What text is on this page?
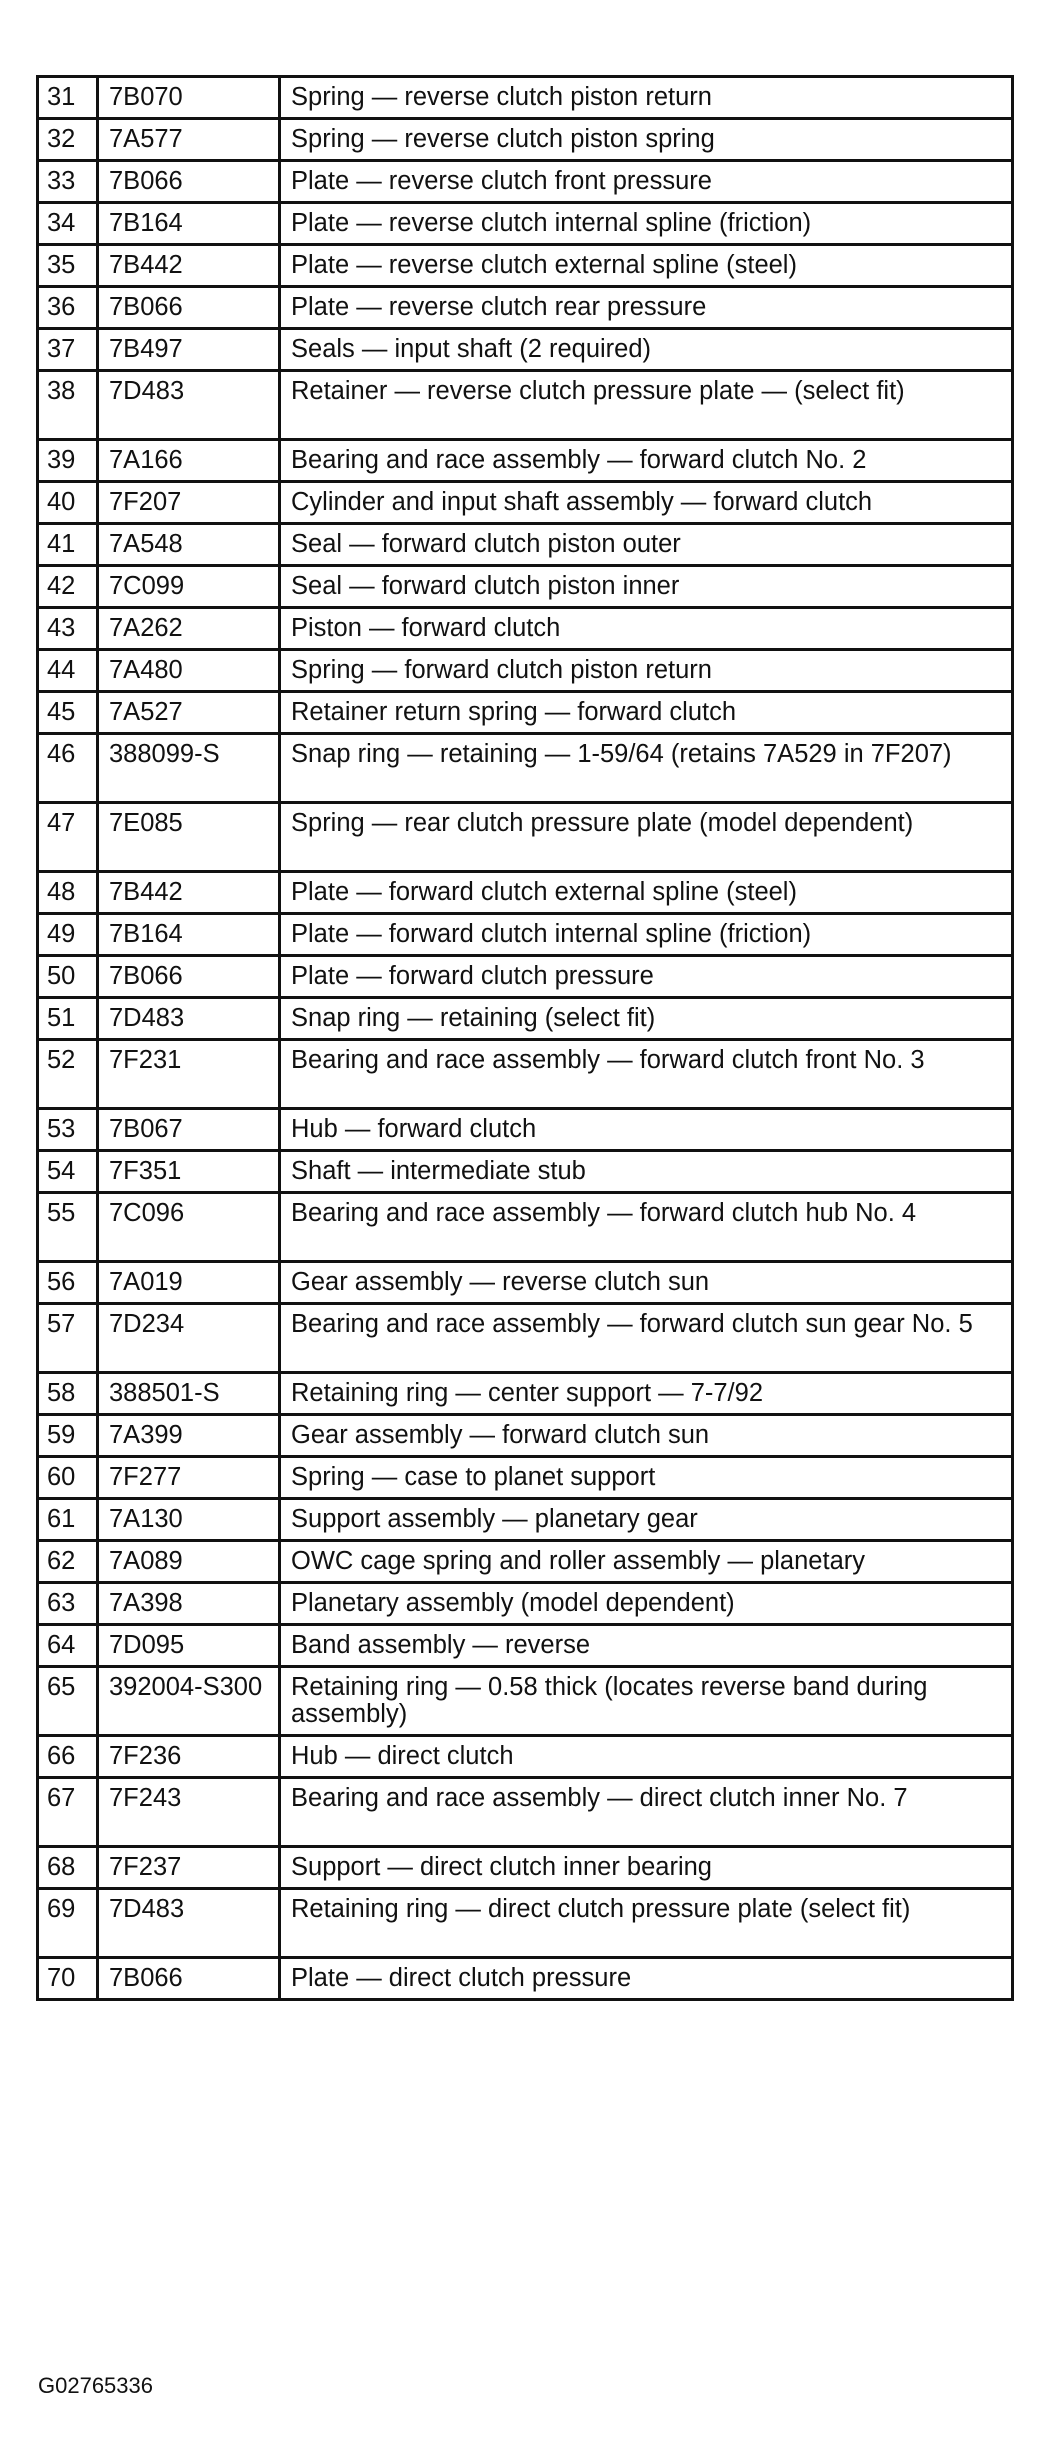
31	7B070	Spring — reverse clutch piston return
32	7A577	Spring — reverse clutch piston spring
33	7B066	Plate — reverse clutch front pressure
34	7B164	Plate — reverse clutch internal spline (friction)
35	7B442	Plate — reverse clutch external spline (steel)
36	7B066	Plate — reverse clutch rear pressure
37	7B497	Seals — input shaft (2 required)
38	7D483	Retainer — reverse clutch pressure plate — (select fit)
39	7A166	Bearing and race assembly — forward clutch No. 2
40	7F207	Cylinder and input shaft assembly — forward clutch
41	7A548	Seal — forward clutch piston outer
42	7C099	Seal — forward clutch piston inner
43	7A262	Piston — forward clutch
44	7A480	Spring — forward clutch piston return
45	7A527	Retainer return spring — forward clutch
46	388099-S	Snap ring — retaining — 1-59/64 (retains 7A529 in 7F207)
47	7E085	Spring — rear clutch pressure plate (model dependent)
48	7B442	Plate — forward clutch external spline (steel)
49	7B164	Plate — forward clutch internal spline (friction)
50	7B066	Plate — forward clutch pressure
51	7D483	Snap ring — retaining (select fit)
52	7F231	Bearing and race assembly — forward clutch front No. 3
53	7B067	Hub — forward clutch
54	7F351	Shaft — intermediate stub
55	7C096	Bearing and race assembly — forward clutch hub No. 4
56	7A019	Gear assembly — reverse clutch sun
57	7D234	Bearing and race assembly — forward clutch sun gear No. 5
58	388501-S	Retaining ring — center support — 7-7/92
59	7A399	Gear assembly — forward clutch sun
60	7F277	Spring — case to planet support
61	7A130	Support assembly — planetary gear
62	7A089	OWC cage spring and roller assembly — planetary
63	7A398	Planetary assembly (model dependent)
64	7D095	Band assembly — reverse
65	392004-S300	Retaining ring — 0.58 thick (locates reverse band during assembly)
66	7F236	Hub — direct clutch
67	7F243	Bearing and race assembly — direct clutch inner No. 7
68	7F237	Support — direct clutch inner bearing
69	7D483	Retaining ring — direct clutch pressure plate (select fit)
70	7B066	Plate — direct clutch pressure
G02765336
